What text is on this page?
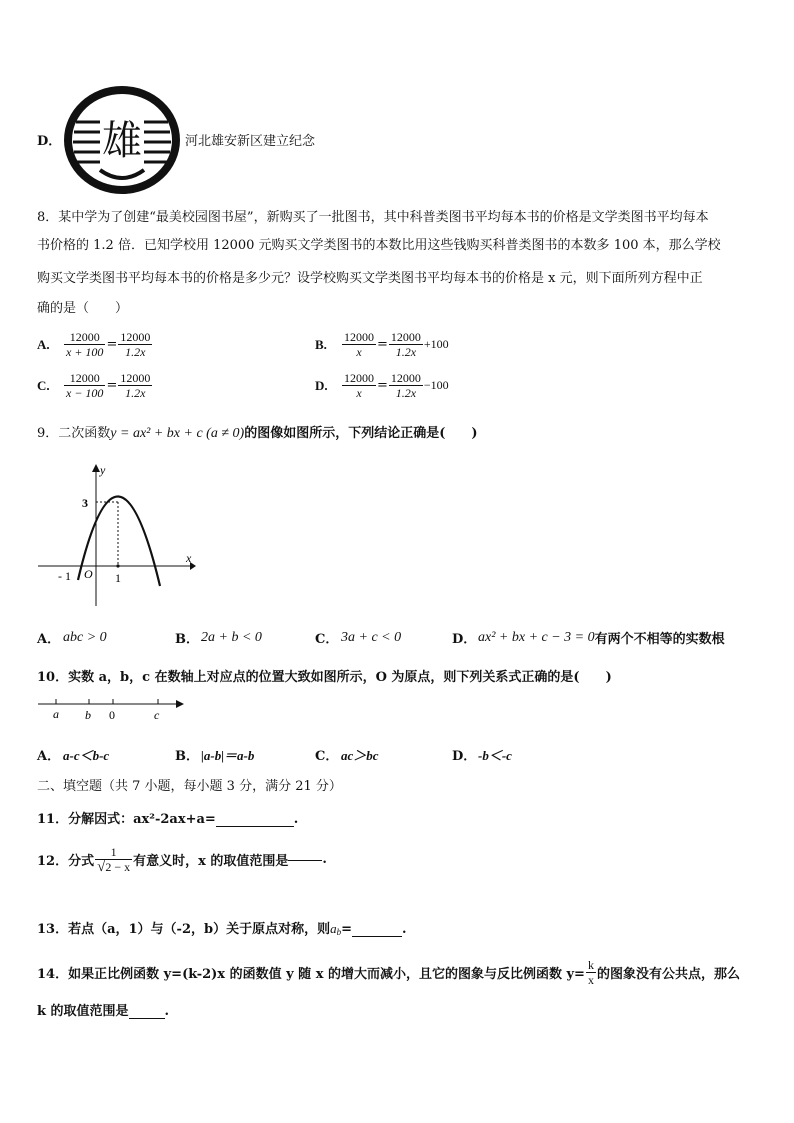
D． 雄	河北雄安新区建立纪念
8．某中学为了创建“最美校园图书屋”，新购买了一批图书，其中科普类图书平均每本书的价格是文学类图书平均每本
书价格的 1.2 倍．已知学校用 12000 元购买文学类图书的本数比用这些钱购买科普类图书的本数多 100 本，那么学校
购买文学类图书平均每本书的价格是多少元？设学校购买文学类图书平均每本书的价格是 x 元，则下面所列方程中正
确的是（　　）
A.	$\frac{12000}{x + 100} = \frac{12000}{1.2x}$	B.	$\frac{12000}{x} = \frac{12000}{1.2x} +100$
C.	$\frac{12000}{x - 100} = \frac{12000}{1.2x}$	D.	$\frac{12000}{x} = \frac{12000}{1.2x} -100$
9．二次函数y = ax² + bx + c (a ≠ 0)的图像如图所示，下列结论正确是(　　)
y
x
3
O
- 1	1
A． abc > 0	B． 2a + b < 0	C． 3a + c < 0	D． ax² + bx + c − 3 = 0 有两个不相等的实数根
10．实数 a，b，c 在数轴上对应点的位置大致如图所示，O 为原点，则下列关系式正确的是(　　)
a b 0	c
A． a-c＜b-c	B． |a-b|＝a-b	C． ac＞bc	D． -b＜-c
二、填空题（共 7 小题，每小题 3 分，满分 21 分）
11．分解因式：ax²-2ax+a=	.
12．分式 $\frac{1}{√2 - x}$ 有意义时，x 的取值范围是	.
13．若点（a，1）与（-2，b）关于原点对称，则 $a_b$ =	.
14．如果正比例函数 y=(k-2)x 的函数值 y 随 x 的增大而减小，且它的图象与反比例函数 $y= \frac{k}{x}$ 的图象没有公共点，那么
k 的取值范围是	.
